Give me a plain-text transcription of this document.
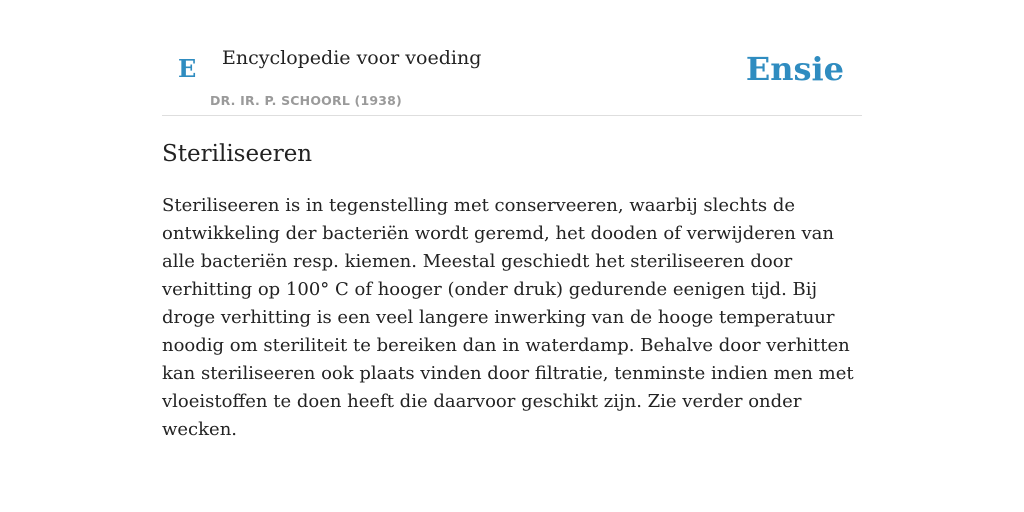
E Encyclopedie voor voeding
DR. IR. P. SCHOORL (1938)
Ensie
Steriliseeren

Steriliseeren is in tegenstelling met conserveeren, waarbij slechts de ontwikkeling der bacteriën wordt geremd, het dooden of verwijderen van alle bacteriën resp. kiemen. Meestal geschiedt het steriliseeren door verhitting op 100° C of hooger (onder druk) gedurende eenigen tijd. Bij droge verhitting is een veel langere inwerking van de hooge temperatuur noodig om steriliteit te bereiken dan in waterdamp. Behalve door verhitten kan steriliseeren ook plaats vinden door filtratie, tenminste indien men met vloeistoffen te doen heeft die daarvoor geschikt zijn. Zie verder onder wecken.
